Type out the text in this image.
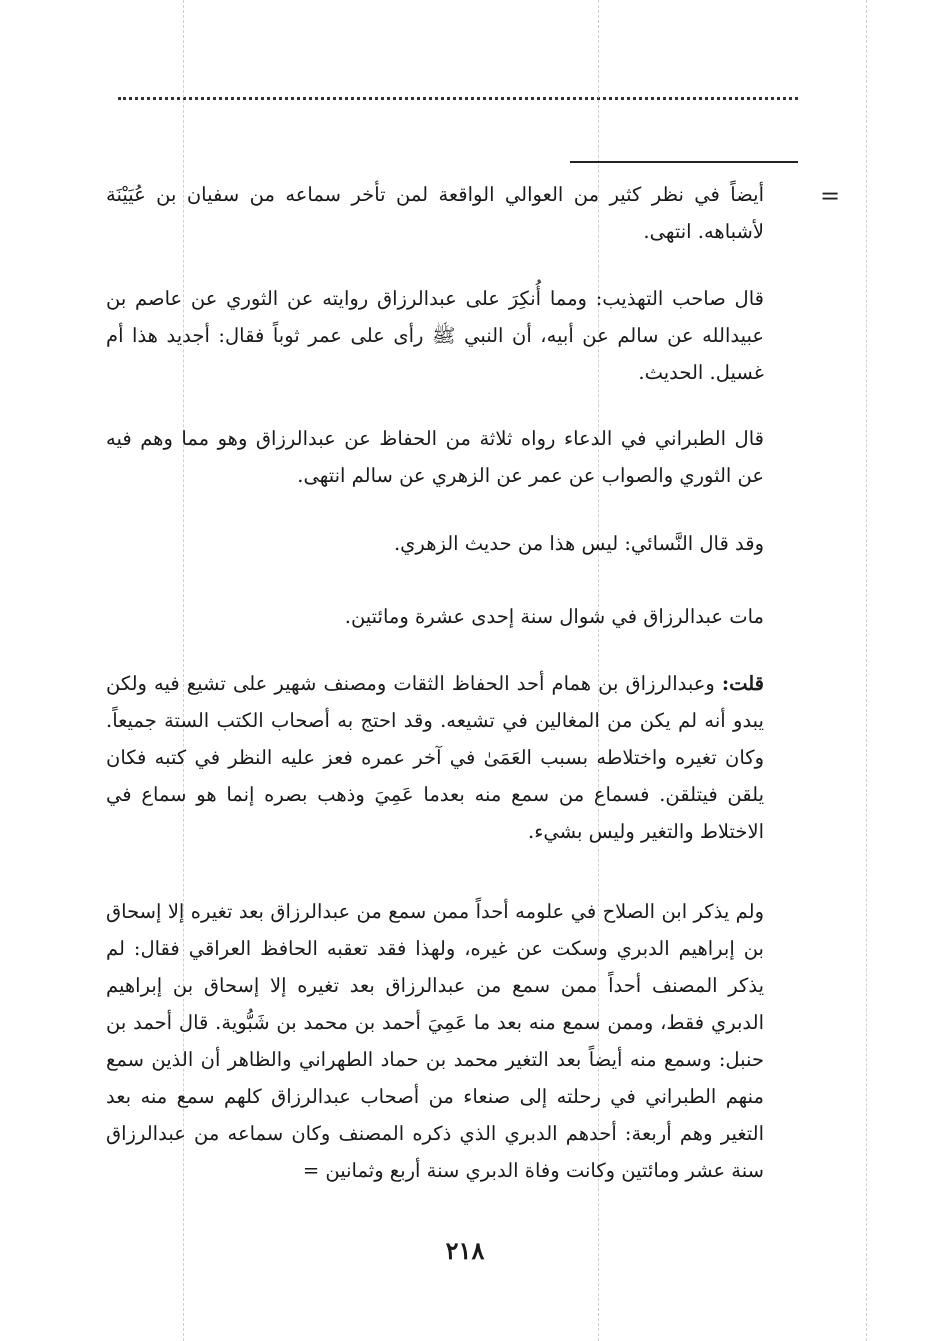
=

أيضاً في نظر كثير من العوالي الواقعة لمن تأخر سماعه من سفيان بن عُيَيْنَة لأشباهه. انتهى.

قال صاحب التهذيب: ومما أُنكِرَ على عبدالرزاق روايته عن الثوري عن عاصم بن عبيدالله عن سالم عن أبيه، أن النبي ﷺ رأى على عمر ثوباً فقال: أجديد هذا أم غسيل. الحديث.

قال الطبراني في الدعاء رواه ثلاثة من الحفاظ عن عبدالرزاق وهو مما وهم فيه عن الثوري والصواب عن عمر عن الزهري عن سالم انتهى.

وقد قال النَّسائي: ليس هذا من حديث الزهري.

مات عبدالرزاق في شوال سنة إحدى عشرة ومائتين.

قلت: وعبدالرزاق بن همام أحد الحفاظ الثقات ومصنف شهير على تشيع فيه ولكن يبدو أنه لم يكن من المغالين في تشيعه. وقد احتج به أصحاب الكتب الستة جميعاً. وكان تغيره واختلاطه بسبب العَمَىٰ في آخر عمره فعز عليه النظر في كتبه فكان يلقن فيتلقن. فسماع من سمع منه بعدما عَمِيَ وذهب بصره إنما هو سماع في الاختلاط والتغير وليس بشيء.

ولم يذكر ابن الصلاح في علومه أحداً ممن سمع من عبدالرزاق بعد تغيره إلا إسحاق بن إبراهيم الدبري وسكت عن غيره، ولهذا فقد تعقبه الحافظ العراقي فقال: لم يذكر المصنف أحداً ممن سمع من عبدالرزاق بعد تغيره إلا إسحاق بن إبراهيم الدبري فقط، وممن سمع منه بعد ما عَمِيَ أحمد بن محمد بن شَبُّوية. قال أحمد بن حنبل: وسمع منه أيضاً بعد التغير محمد بن حماد الطهراني والظاهر أن الذين سمع منهم الطبراني في رحلته إلى صنعاء من أصحاب عبدالرزاق كلهم سمع منه بعد التغير وهم أربعة: أحدهم الدبري الذي ذكره المصنف وكان سماعه من عبدالرزاق سنة عشر ومائتين وكانت وفاة الدبري سنة أربع وثمانين =

٢١٨
